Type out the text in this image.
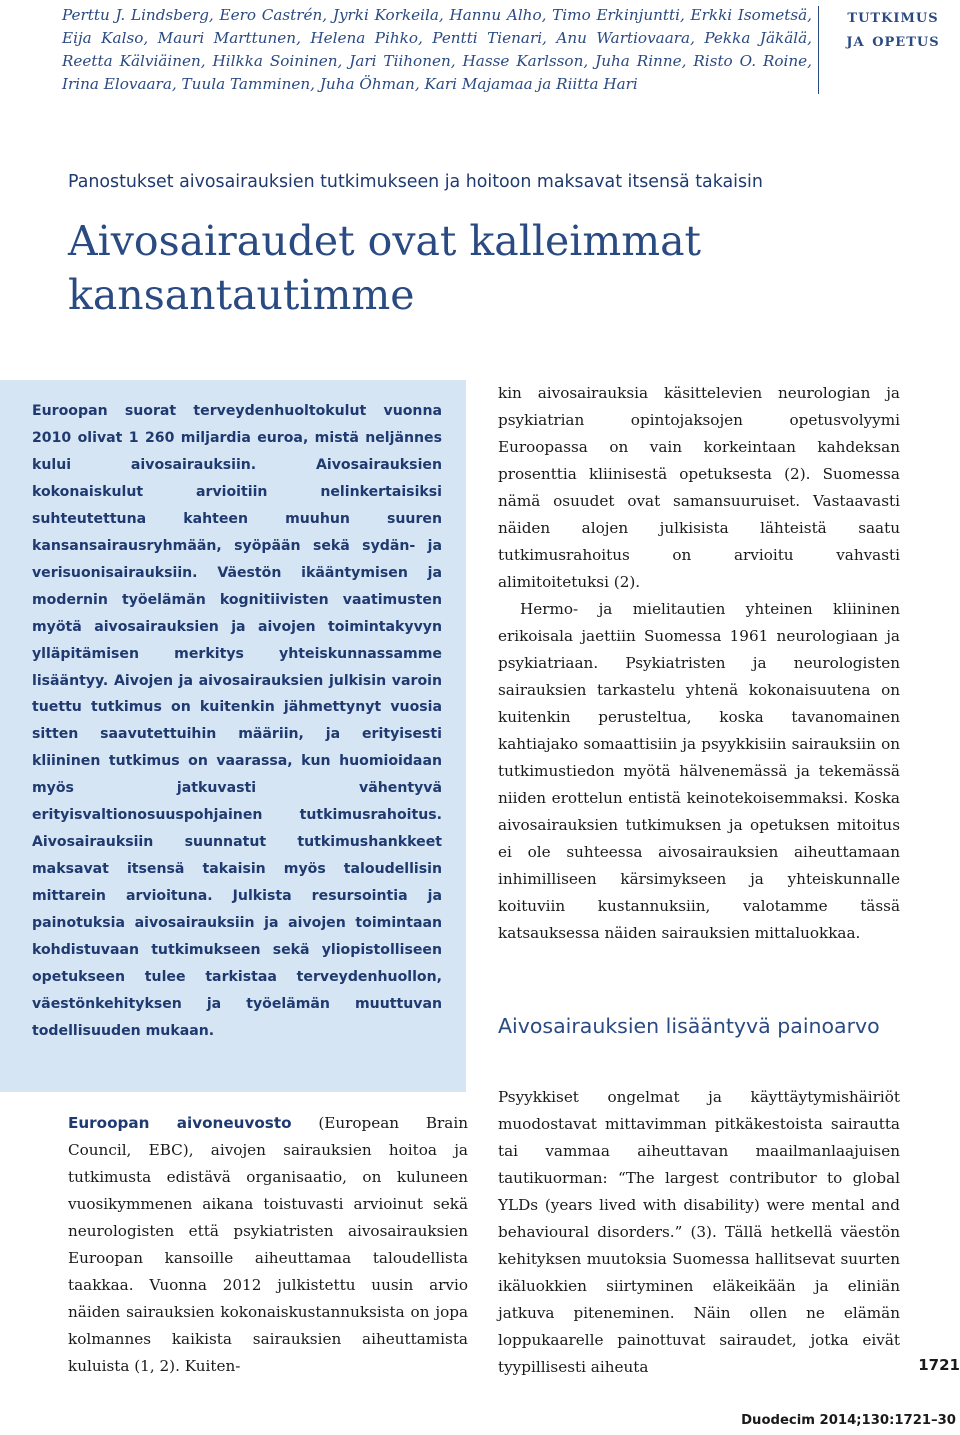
Perttu J. Lindsberg, Eero Castrén, Jyrki Korkeila, Hannu Alho, Timo Erkinjuntti, Erkki Isometsä, Eija Kalso, Mauri Marttunen, Helena Pihko, Pentti Tienari, Anu Wartiovaara, Pekka Jäkälä, Reetta Kälviäinen, Hilkka Soininen, Jari Tiihonen, Hasse Karlsson, Juha Rinne, Risto O. Roine, Irina Elovaara, Tuula Tamminen, Juha Öhman, Kari Majamaa ja Riitta Hari
tutkimus
ja opetus
Panostukset aivosairauksien tutkimukseen ja hoitoon maksavat itsensä takaisin
Aivosairaudet ovat kalleimmat
kansantautimme
Euroopan suorat terveydenhuoltokulut vuonna 2010 olivat 1 260 miljardia euroa, mistä neljännes kului aivosairauksiin. Aivosairauksien kokonaiskulut arvioitiin nelinkertaisiksi suhteutettuna kahteen muuhun suuren kansansairausryhmään, syöpään sekä sydän- ja verisuonisairauksiin. Väestön ikääntymisen ja modernin työelämän kognitiivisten vaatimusten myötä aivosairauksien ja aivojen toimintakyvyn ylläpitämisen merkitys yhteiskunnassamme lisääntyy. Aivojen ja aivosairauksien julkisin varoin tuettu tutkimus on kuitenkin jähmettynyt vuosia sitten saavutettuihin määriin, ja erityisesti kliininen tutkimus on vaarassa, kun huomioidaan myös jatkuvasti vähentyvä erityisvaltionosuuspohjainen tutkimusrahoitus. Aivosairauksiin suunnatut tutkimushankkeet maksavat itsensä takaisin myös taloudellisin mittarein arvioituna. Julkista resursointia ja painotuksia aivosairauksiin ja aivojen toimintaan kohdistuvaan tutkimukseen sekä yliopistolliseen opetukseen tulee tarkistaa terveydenhuollon, väestönkehityksen ja työelämän muuttuvan todellisuuden mukaan.
Euroopan aivoneuvosto (European Brain Council, EBC), aivojen sairauksien hoitoa ja tutkimusta edistävä organisaatio, on kuluneen vuosikymmenen aikana toistuvasti arvioinut sekä neurologisten että psykiatristen aivosairauksien Euroopan kansoille aiheuttamaa taloudellista taakkaa. Vuonna 2012 julkistettu uusin arvio näiden sairauksien kokonaiskustannuksista on jopa kolmannes kaikista sairauksien aiheuttamista kuluista (1, 2). Kuiten-

kin aivosairauksia käsittelevien neurologian ja psykiatrian opintojaksojen opetusvolyymi Euroopassa on vain korkeintaan kahdeksan prosenttia kliinisestä opetuksesta (2). Suomessa nämä osuudet ovat samansuuruiset. Vastaavasti näiden alojen julkisista lähteistä saatu tutkimusrahoitus on arvioitu vahvasti alimitoitetuksi (2).

Hermo- ja mielitautien yhteinen kliininen erikoisala jaettiin Suomessa 1961 neurologiaan ja psykiatriaan. Psykiatristen ja neurologisten sairauksien tarkastelu yhtenä kokonaisuutena on kuitenkin perusteltua, koska tavanomainen kahtiajako somaattisiin ja psyykkisiin sairauksiin on tutkimustiedon myötä hälvenemässä ja tekemässä niiden erottelun entistä keinotekoisemmaksi. Koska aivosairauksien tutkimuksen ja opetuksen mitoitus ei ole suhteessa aivosairauksien aiheuttamaan inhimilliseen kärsimykseen ja yhteiskunnalle koituviin kustannuksiin, valotamme tässä katsauksessa näiden sairauksien mittaluokkaa.

Aivosairauksien lisääntyvä painoarvo
Psyykkiset ongelmat ja käyttäytymishäiriöt muodostavat mittavimman pitkäkestoista sairautta tai vammaa aiheuttavan maailmanlaajuisen tautikuorman: “The largest contributor to global YLDs (years lived with disability) were mental and behavioural disorders.” (3). Tällä hetkellä väestön kehityksen muutoksia Suomessa hallitsevat suurten ikäluokkien siirtyminen eläkeikään ja eliniän jatkuva piteneminen. Näin ollen ne elämän loppukaarelle painottuvat sairaudet, jotka eivät tyypillisesti aiheuta	1721
Duodecim 2014;130:1721–30
